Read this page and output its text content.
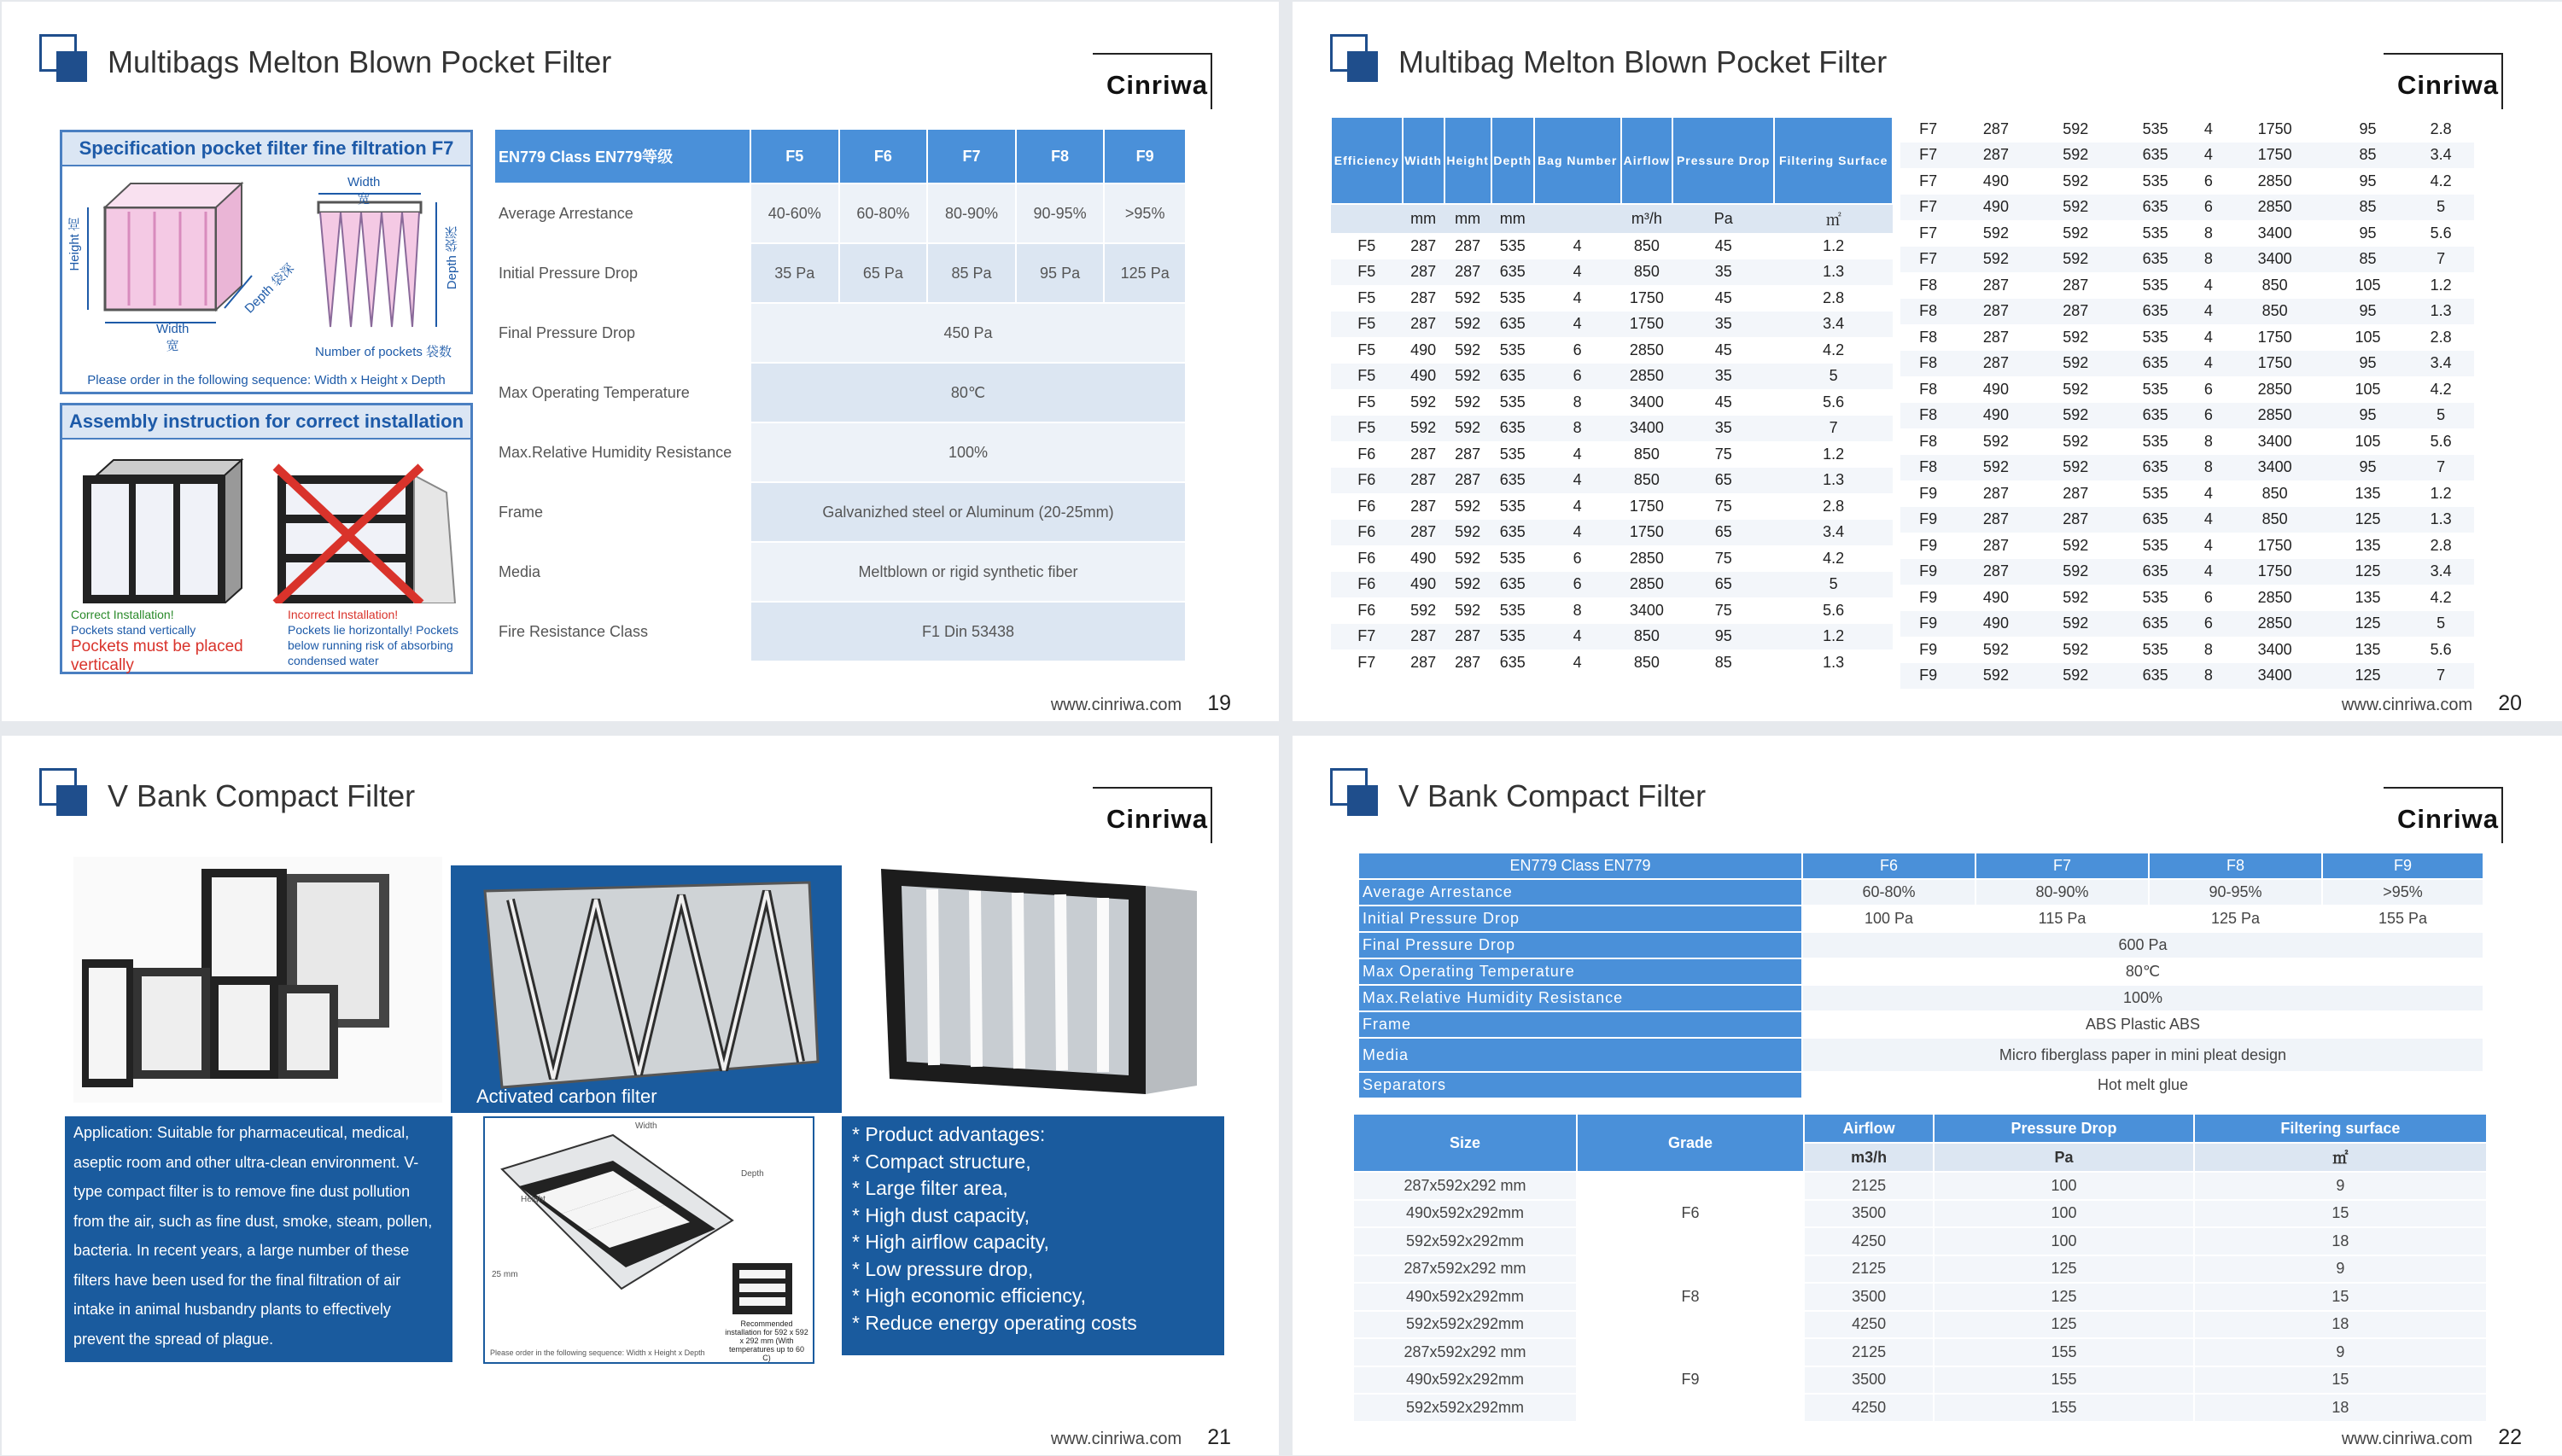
Multibags Melton Blown Pocket Filter
Cinriwa
Specification pocket filter fine filtration F7
Width
宽
Height 高
Depth 袋深
Width
宽
Depth 袋深
Number of pockets 袋数
Please order in the following sequence: Width x Height x Depth
Assembly instruction for correct installation
Correct Installation!
Pockets stand vertically
Pockets must be placed vertically
Incorrect Installation!
Pockets lie horizontally! Pockets below running risk of absorbing condensed water
EN779 Class EN779等级	F5	F6	F7	F8	F9
Average Arrestance	40-60%	60-80%	80-90%	90-95%	>95%
Initial Pressure Drop	35 Pa	65 Pa	85 Pa	95 Pa	125 Pa
Final Pressure Drop	450 Pa				
Max Operating Temperature	80℃				
Max.Relative Humidity Resistance	100%				
Frame	Galvanizhed steel or Aluminum (20-25mm)				
Media	Meltblown or rigid synthetic fiber				
Fire Resistance Class	F1 Din 53438				
www.cinriwa.com 19
Multibag Melton Blown Pocket Filter
Cinriwa
Efficiency	Width	Height	Depth	Bag Number	Airflow	Pressure Drop	Filtering Surface
	mm	mm	mm		m³/h	Pa	㎡
F5	287	287	535	4	850	45	1.2
F5	287	287	635	4	850	35	1.3
F5	287	592	535	4	1750	45	2.8
F5	287	592	635	4	1750	35	3.4
F5	490	592	535	6	2850	45	4.2
F5	490	592	635	6	2850	35	5
F5	592	592	535	8	3400	45	5.6
F5	592	592	635	8	3400	35	7
F6	287	287	535	4	850	75	1.2
F6	287	287	635	4	850	65	1.3
F6	287	592	535	4	1750	75	2.8
F6	287	592	635	4	1750	65	3.4
F6	490	592	535	6	2850	75	4.2
F6	490	592	635	6	2850	65	5
F6	592	592	535	8	3400	75	5.6
F7	287	287	535	4	850	95	1.2
F7	287	287	635	4	850	85	1.3
F7	287	592	535	4	1750	95	2.8
F7	287	592	635	4	1750	85	3.4
F7	490	592	535	6	2850	95	4.2
F7	490	592	635	6	2850	85	5
F7	592	592	535	8	3400	95	5.6
F7	592	592	635	8	3400	85	7
F8	287	287	535	4	850	105	1.2
F8	287	287	635	4	850	95	1.3
F8	287	592	535	4	1750	105	2.8
F8	287	592	635	4	1750	95	3.4
F8	490	592	535	6	2850	105	4.2
F8	490	592	635	6	2850	95	5
F8	592	592	535	8	3400	105	5.6
F8	592	592	635	8	3400	95	7
F9	287	287	535	4	850	135	1.2
F9	287	287	635	4	850	125	1.3
F9	287	592	535	4	1750	135	2.8
F9	287	592	635	4	1750	125	3.4
F9	490	592	535	6	2850	135	4.2
F9	490	592	635	6	2850	125	5
F9	592	592	535	8	3400	135	5.6
F9	592	592	635	8	3400	125	7
www.cinriwa.com 20
V Bank Compact Filter
Cinriwa
Activated carbon filter
Application: Suitable for pharmaceutical, medical, aseptic room and other ultra-clean environment. V-type compact filter is to remove fine dust pollution from the air, such as fine dust, smoke, steam, pollen, bacteria. In recent years, a large number of these filters have been used for the final filtration of air intake in animal husbandry plants to effectively prevent the spread of plague.
Width
Height
Depth
25 mm
Recommended installation for 592 x 592 x 292 mm (With temperatures up to 60 C)
Please order in the following sequence: Width x Height x Depth
* Product advantages:
* Compact structure,
* Large filter area,
* High dust capacity,
* High airflow capacity,
* Low pressure drop,
* High economic efficiency,
* Reduce energy operating costs
www.cinriwa.com 21
V Bank Compact Filter
Cinriwa
EN779 Class EN779	F6	F7	F8	F9
Average Arrestance	60-80%	80-90%	90-95%	>95%
Initial Pressure Drop	100 Pa	115 Pa	125 Pa	155 Pa
Final Pressure Drop	600 Pa			
Max Operating Temperature	80℃			
Max.Relative Humidity Resistance	100%			
Frame	ABS Plastic ABS			
Media	Micro fiberglass paper in mini pleat design			
Separators	Hot melt glue			
Size	Grade	Airflow	Pressure Drop	Filtering surface
		m3/h	Pa	㎡
287x592x292 mm	F6	2125	100	9
490x592x292mm		3500	100	15
592x592x292mm		4250	100	18
287x592x292 mm	F8	2125	125	9
490x592x292mm		3500	125	15
592x592x292mm		4250	125	18
287x592x292 mm	F9	2125	155	9
490x592x292mm		3500	155	15
592x592x292mm		4250	155	18
www.cinriwa.com 22
